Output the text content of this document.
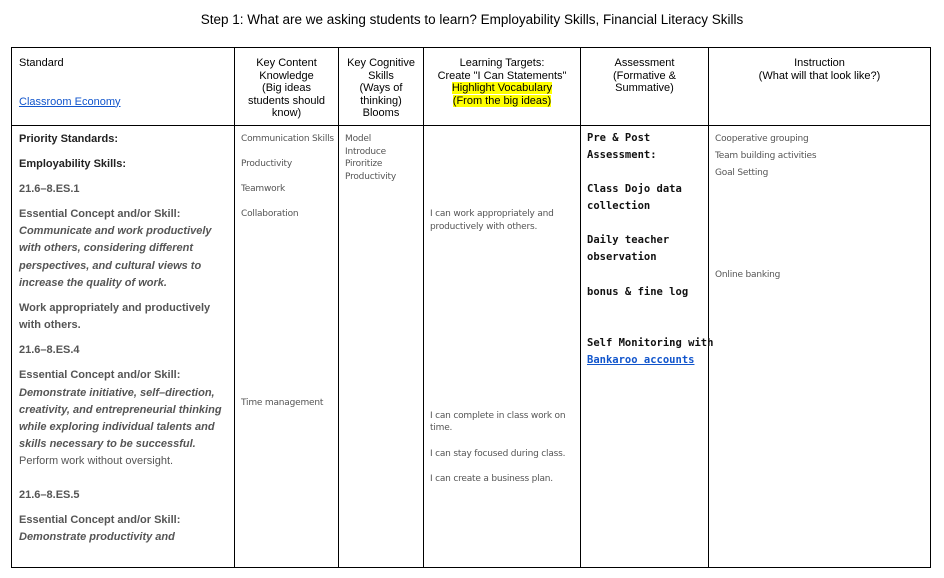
Step 1: What are we asking students to learn? Employability Skills, Financial Literacy Skills
Standard
Classroom Economy
Key Content
Knowledge
(Big ideas
students should
know)
Key Cognitive
Skills
(Ways of
thinking)
Blooms
Learning Targets:
Create "I Can Statements"
Highlight Vocabulary
(From the big ideas)
Assessment
(Formative &
Summative)
Instruction
(What will that look like?)
Priority Standards:
Employability Skills:
21.6–8.ES.1
Essential Concept and/or Skill:
Communicate and work productively
with others, considering different
perspectives, and cultural views to
increase the quality of work.
Work appropriately and productively
with others.
21.6–8.ES.4
Essential Concept and/or Skill:
Demonstrate initiative, self–direction,
creativity, and entrepreneurial thinking
while exploring individual talents and
skills necessary to be successful.
Perform work without oversight.
21.6–8.ES.5
Essential Concept and/or Skill:
Demonstrate productivity and
Communication Skills
Productivity
Teamwork
Collaboration
Time management
Model
Introduce
Piroritize
Productivity
I can work appropriately and
productively with others.
I can complete in class work on
time.
I can stay focused during class.
I can create a business plan.
Pre & Post
Assessment:
Class Dojo data
collection
Daily teacher
observation
bonus & fine log
Self Monitoring with
Bankaroo accounts
Cooperative grouping
Team building activities
Goal Setting
Online banking
